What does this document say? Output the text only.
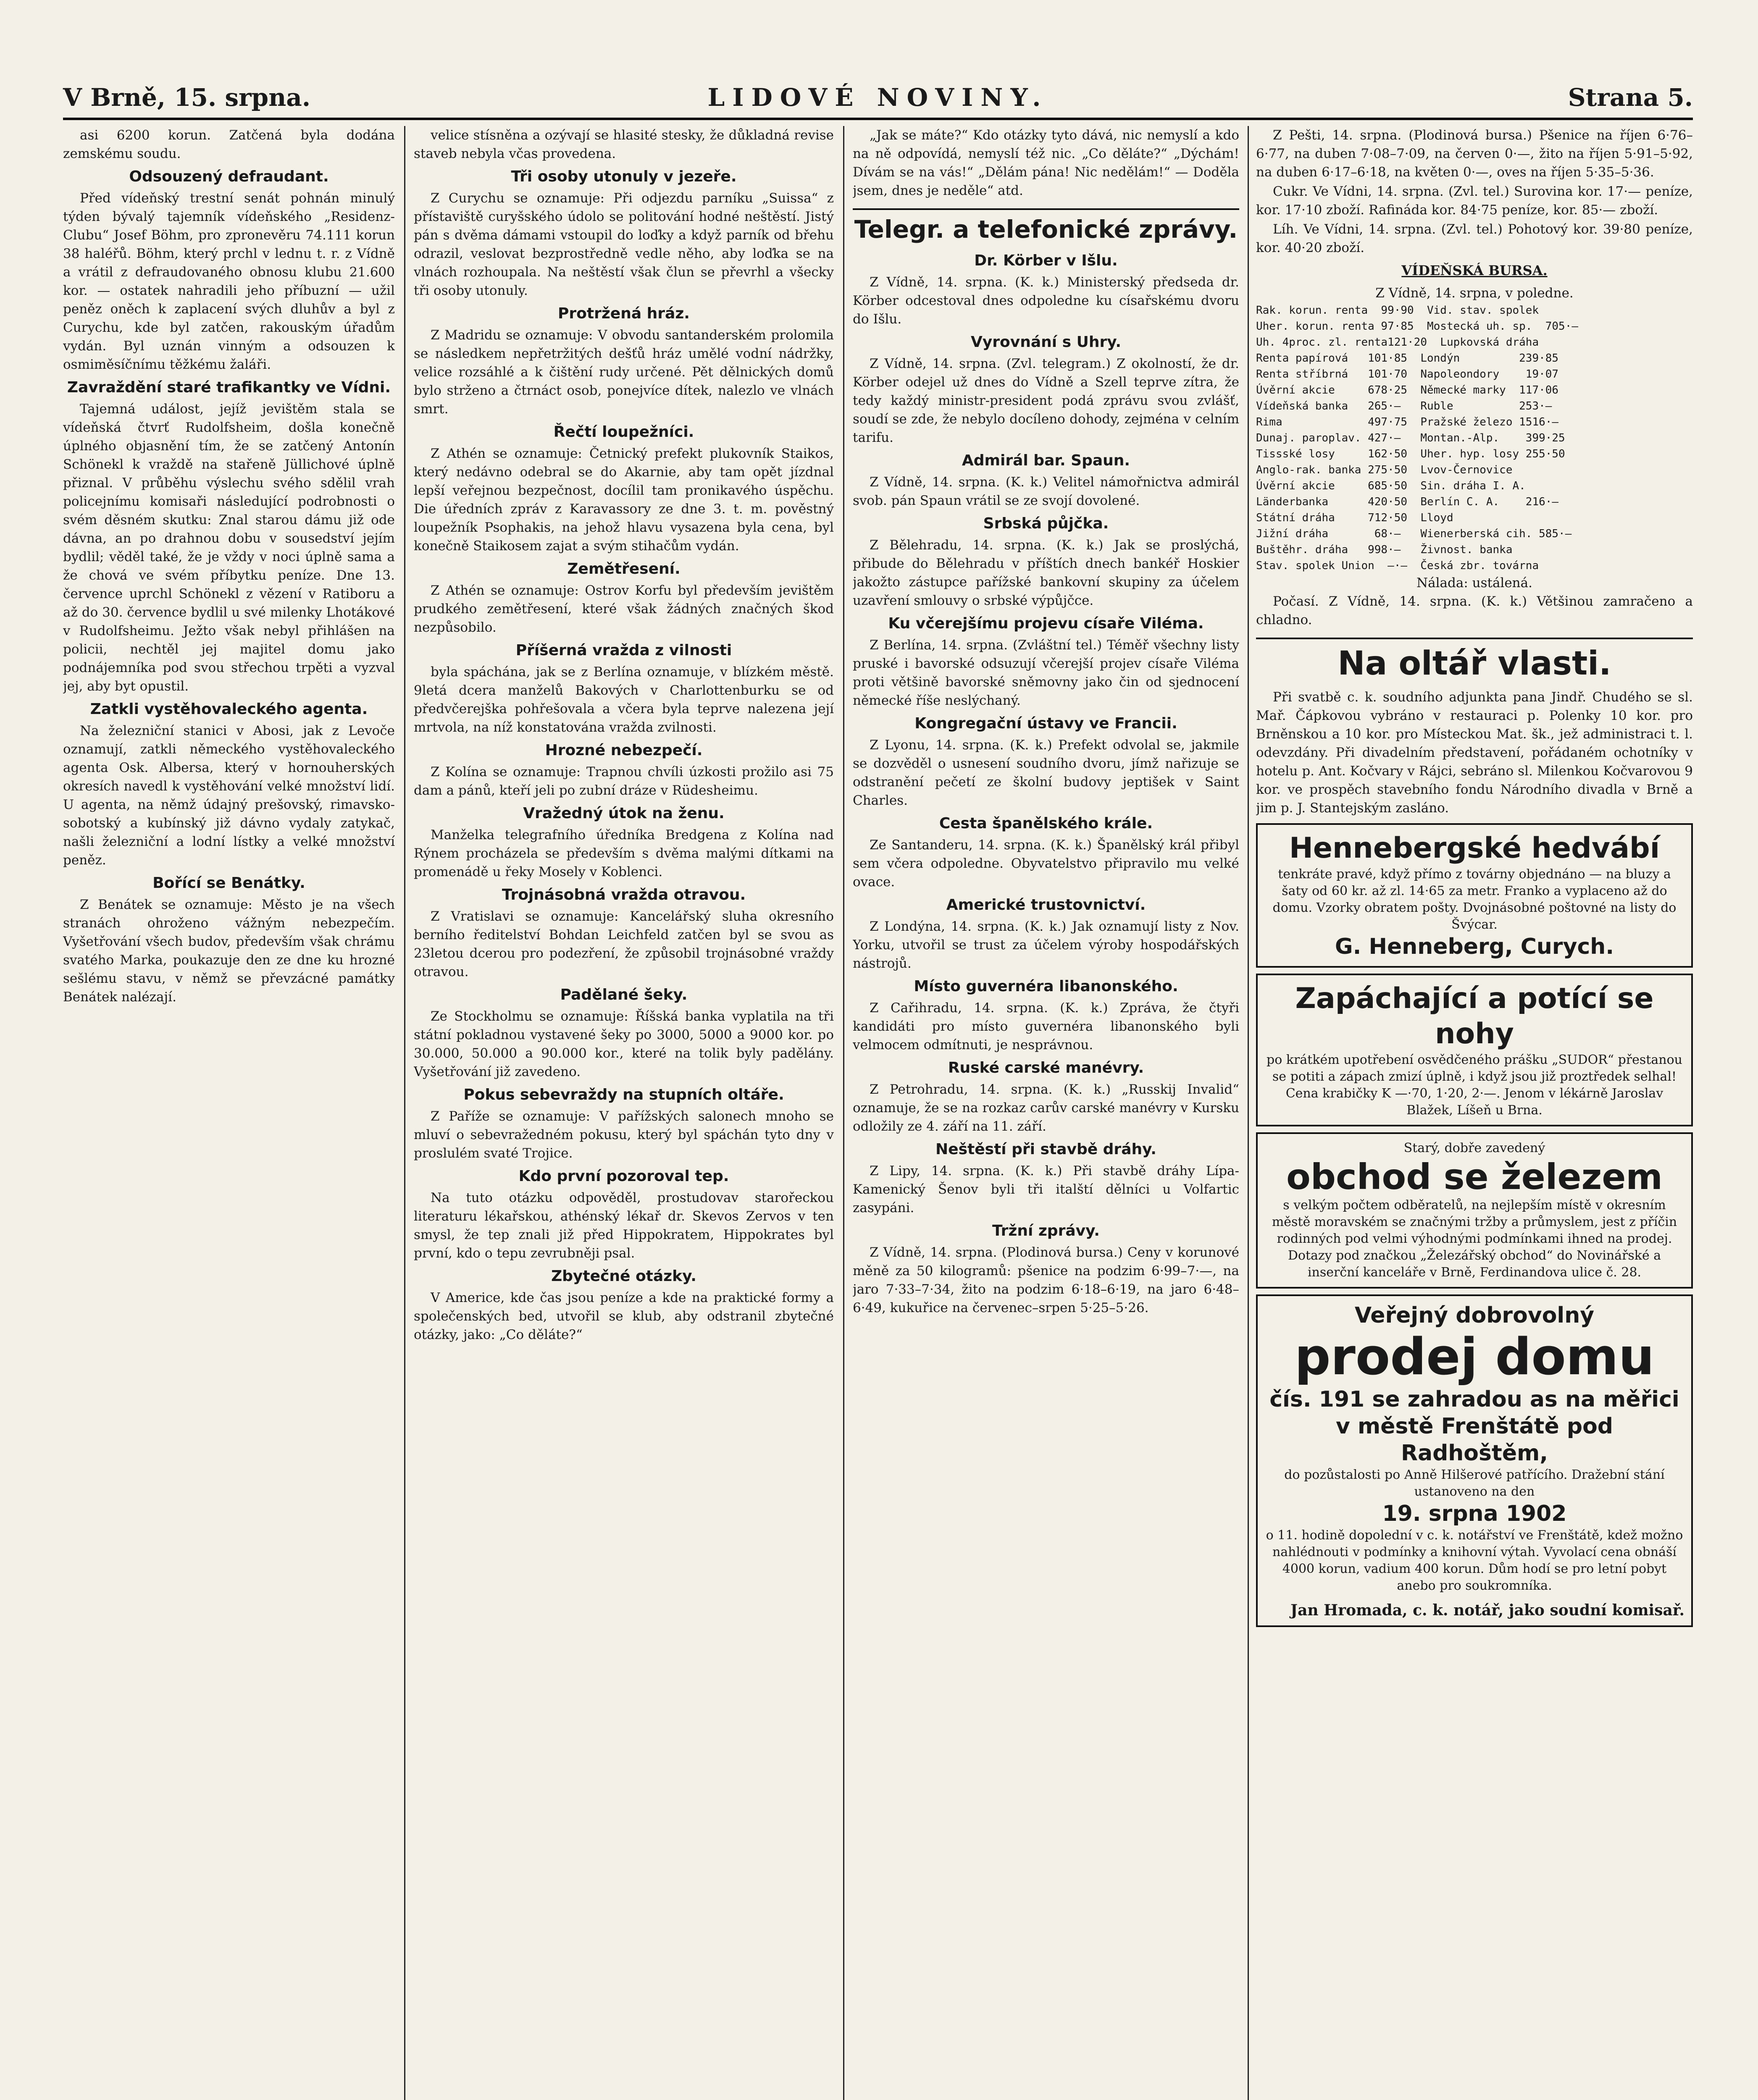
V Brně, 15. srpna.	LIDOVÉ NOVINY.	Strana 5.

asi 6200 korun. Zatčená byla dodána zemskému soudu.

Odsouzený defraudant.

Před vídeňský trestní senát pohnán minulý týden bývalý tajemník vídeňského „Residenz-Clubu“ Josef Böhm, pro zpronevěru 74.111 korun 38 haléřů. Böhm, který prchl v lednu t. r. z Vídně a vrátil z defraudovaného obnosu klubu 21.600 kor. — ostatek nahradili jeho příbuzní — užil peněz oněch k zaplacení svých dluhův a byl z Curychu, kde byl zatčen, rakouským úřadům vydán. Byl uznán vinným a odsouzen k osmiměsíčnímu těžkému žaláři.

Zavraždění staré trafikantky ve Vídni.

Tajemná událost, jejíž jevištěm stala se vídeňská čtvrť Rudolfsheim, došla konečně úplného objasnění tím, že se zatčený Antonín Schönekl k vraždě na stařeně Jüllichové úplně přiznal. V průběhu výslechu svého sdělil vrah policejnímu komisaři následující podrobnosti o svém děsném skutku: Znal starou dámu již ode dávna, an po drahnou dobu v sousedství jejím bydlil; věděl také, že je vždy v noci úplně sama a že chová ve svém příbytku peníze. Dne 13. července uprchl Schönekl z vězení v Ratiboru a až do 30. července bydlil u své milenky Lhotákové v Rudolfsheimu. Ježto však nebyl přihlášen na policii, nechtěl jej majitel domu jako podnájemníka pod svou střechou trpěti a vyzval jej, aby byt opustil.

Zatkli vystěhovaleckého agenta.

Na železniční stanici v Abosi, jak z Levoče oznamují, zatkli německého vystěhovaleckého agenta Osk. Albersa, který v hornouherských okresích navedl k vystěhování velké množství lidí. U agenta, na němž údajný prešovský, rimavsko-sobotský a kubínský již dávno vydaly zatykač, našli železniční a lodní lístky a velké množství peněz.

Bořící se Benátky.

Z Benátek se oznamuje: Město je na všech stranách ohroženo vážným nebezpečím. Vyšetřování všech budov, především však chrámu svatého Marka, poukazuje den ze dne ku hrozné sešlému stavu, v němž se převzácné památky Benátek nalézají.

velice stísněna a ozývají se hlasité stesky, že důkladná revise staveb nebyla včas provedena.

Tři osoby utonuly v jezeře.

Z Curychu se oznamuje: Při odjezdu parníku „Suissa“ z přístaviště curyšského údolo se politování hodné neštěstí. Jistý pán s dvěma dámami vstoupil do loďky a když parník od břehu odrazil, veslovat bezprostředně vedle něho, aby loďka se na vlnách rozhoupala. Na neštěstí však člun se převrhl a všecky tři osoby utonuly.

Protržená hráz.

Z Madridu se oznamuje: V obvodu santanderském prolomila se následkem nepřetržitých dešťů hráz umělé vodní nádržky, velice rozsáhlé a k čištění rudy určené. Pět dělnických domů bylo strženo a čtrnáct osob, ponejvíce dítek, nalezlo ve vlnách smrt.

Řečtí loupežníci.

Z Athén se oznamuje: Četnický prefekt plukovník Staikos, který nedávno odebral se do Akarnie, aby tam opět jízdnal lepší veřejnou bezpečnost, docílil tam pronikavého úspěchu. Die úředních zpráv z Karavassory ze dne 3. t. m. pověstný loupežník Psophakis, na jehož hlavu vysazena byla cena, byl konečně Staikosem zajat a svým stihačům vydán.

Zemětřesení.

Z Athén se oznamuje: Ostrov Korfu byl především jevištěm prudkého zemětřesení, které však žádných značných škod nezpůsobilo.

Příšerná vražda z vilnosti

byla spáchána, jak se z Berlína oznamuje, v blízkém městě. 9letá dcera manželů Bakových v Charlottenburku se od předvčerejška pohřešovala a včera byla teprve nalezena její mrtvola, na níž konstatována vražda zvilnosti.

Hrozné nebezpečí.

Z Kolína se oznamuje: Trapnou chvíli úzkosti prožilo asi 75 dam a pánů, kteří jeli po zubní dráze v Rüdesheimu.

Vražedný útok na ženu.

Manželka telegrafního úředníka Bredgena z Kolína nad Rýnem procházela se především s dvěma malými dítkami na promenádě u řeky Mosely v Koblenci.

Trojnásobná vražda otravou.

Z Vratislavi se oznamuje: Kancelářský sluha okresního berního ředitelství Bohdan Leichfeld zatčen byl se svou as 23letou dcerou pro podezření, že způsobil trojnásobné vraždy otravou.

Padělané šeky.

Ze Stockholmu se oznamuje: Říšská banka vyplatila na tři státní pokladnou vystavené šeky po 3000, 5000 a 9000 kor. po 30.000, 50.000 a 90.000 kor., které na tolik byly padělány. Vyšetřování již zavedeno.

Pokus sebevraždy na stupních oltáře.

Z Paříže se oznamuje: V pařížských salonech mnoho se mluví o sebevražedném pokusu, který byl spáchán tyto dny v proslulém svaté Trojice.

Kdo první pozoroval tep.

Na tuto otázku odpověděl, prostudovav starořeckou literaturu lékařskou, athénský lékař dr. Skevos Zervos v ten smysl, že tep znali již před Hippokratem, Hippokrates byl první, kdo o tepu zevrubněji psal.

Zbytečné otázky.

V Americe, kde čas jsou peníze a kde na praktické formy a společenských bed, utvořil se klub, aby odstranil zbytečné otázky, jako: „Co děláte?“

„Jak se máte?“ Kdo otázky tyto dává, nic nemyslí a kdo na ně odpovídá, nemyslí též nic. „Co děláte?“ „Dýchám! Dívám se na vás!“ „Dělám pána! Nic nedělám!“ — Doděla jsem, dnes je neděle“ atd.

Telegr. a telefonické zprávy.
Dr. Körber v Išlu.

Z Vídně, 14. srpna. (K. k.) Ministerský předseda dr. Körber odcestoval dnes odpoledne ku císařskému dvoru do Išlu.

Vyrovnání s Uhry.

Z Vídně, 14. srpna. (Zvl. telegram.) Z okolností, že dr. Körber odejel už dnes do Vídně a Szell teprve zítra, že tedy každý ministr-president podá zprávu svou zvlášť, soudí se zde, že nebylo docíleno dohody, zejména v celním tarifu.

Admirál bar. Spaun.

Z Vídně, 14. srpna. (K. k.) Velitel námořnictva admirál svob. pán Spaun vrátil se ze svojí dovolené.

Srbská půjčka.

Z Bělehradu, 14. srpna. (K. k.) Jak se proslýchá, přibude do Bělehradu v příštích dnech bankéř Hoskier jakožto zástupce pařížské bankovní skupiny za účelem uzavření smlouvy o srbské výpůjčce.

Ku včerejšímu projevu císaře Viléma.

Z Berlína, 14. srpna. (Zvláštní tel.) Téměř všechny listy pruské i bavorské odsuzují včerejší projev císaře Viléma proti většině bavorské sněmovny jako čin od sjednocení německé říše neslýchaný.

Kongregační ústavy ve Francii.

Z Lyonu, 14. srpna. (K. k.) Prefekt odvolal se, jakmile se dozvěděl o usnesení soudního dvoru, jímž nařizuje se odstranění pečetí ze školní budovy jeptišek v Saint Charles.

Cesta španělského krále.

Ze Santanderu, 14. srpna. (K. k.) Španělský král přibyl sem včera odpoledne. Obyvatelstvo připravilo mu velké ovace.

Americké trustovnictví.

Z Londýna, 14. srpna. (K. k.) Jak oznamují listy z Nov. Yorku, utvořil se trust za účelem výroby hospodářských nástrojů.

Místo guvernéra libanonského.

Z Cařihradu, 14. srpna. (K. k.) Zpráva, že čtyři kandidáti pro místo guvernéra libanonského byli velmocem odmítnuti, je nesprávnou.

Ruské carské manévry.

Z Petrohradu, 14. srpna. (K. k.) „Russkij Invalid“ oznamuje, že se na rozkaz carův carské manévry v Kursku odložily ze 4. září na 11. září.

Neštěstí při stavbě dráhy.

Z Lipy, 14. srpna. (K. k.) Při stavbě dráhy Lípa-Kamenický Šenov byli tři italští dělníci u Volfartic zasypáni.

Tržní zprávy.

Z Vídně, 14. srpna. (Plodinová bursa.) Ceny v korunové měně za 50 kilogramů: pšenice na podzim 6·99–7·—, na jaro 7·33–7·34, žito na podzim 6·18–6·19, na jaro 6·48–6·49, kukuřice na červenec–srpen 5·25–5·26.

Z Pešti, 14. srpna. (Plodinová bursa.) Pšenice na říjen 6·76–6·77, na duben 7·08–7·09, na červen 0·—, žito na říjen 5·91–5·92, na duben 6·17–6·18, na květen 0·—, oves na říjen 5·35–5·36.

Cukr. Ve Vídni, 14. srpna. (Zvl. tel.) Surovina kor. 17·— peníze, kor. 17·10 zboží. Rafináda kor. 84·75 peníze, kor. 85·— zboží.

Líh. Ve Vídni, 14. srpna. (Zvl. tel.) Pohotový kor. 39·80 peníze, kor. 40·20 zboží.

VÍDEŇSKÁ BURSA.
Z Vídně, 14. srpna, v poledne.
Rak. korun. renta  99·90  Vid. stav. spolek
Uher. korun. renta 97·85  Mostecká uh. sp.  705·—
Uh. 4proc. zl. renta121·20  Lupkovská dráha
Renta papírová   101·85  Londýn         239·85
Renta stříbrná   101·70  Napoleondory    19·07
Úvěrní akcie     678·25  Německé marky  117·06
Vídeňská banka   265·—   Ruble          253·—
Rima             497·75  Pražské železo 1516·—
Dunaj. paroplav. 427·—   Montan.-Alp.    399·25
Tissské losy     162·50  Uher. hyp. losy 255·50
Anglo-rak. banka 275·50  Lvov-Černovice
Úvěrní akcie     685·50  Sin. dráha I. A.
Länderbanka      420·50  Berlín C. A.    216·—
Státní dráha     712·50  Lloyd
Jižní dráha       68·—   Wienerberská cih. 585·—
Buštěhr. dráha   998·—   Živnost. banka
Stav. spolek Union  —·—  Česká zbr. továrna
Nálada: ustálená.

Počasí. Z Vídně, 14. srpna. (K. k.) Většinou zamračeno a chladno.

Na oltář vlasti.

Při svatbě c. k. soudního adjunkta pana Jindř. Chudého se sl. Mař. Čápkovou vybráno v restauraci p. Polenky 10 kor. pro Brněnskou a 10 kor. pro Místeckou Mat. šk., jež administraci t. l. odevzdány. Při divadelním představení, pořádaném ochotníky v hotelu p. Ant. Kočvary v Rájci, sebráno sl. Milenkou Kočvarovou 9 kor. ve prospěch stavebního fondu Národního divadla v Brně a jim p. J. Stantejským zasláno.

Hennebergské hedvábí
tenkráte pravé, když přímo z továrny objednáno — na bluzy a šaty od 60 kr. až zl. 14·65 za metr. Franko a vyplaceno až do domu. Vzorky obratem pošty. Dvojnásobné poštovné na listy do Švýcar.
G. Henneberg, Curych.
Zapáchající a potící se nohy
po krátkém upotřebení osvědčeného prášku „SUDOR“ přestanou se potiti a zápach zmizí úplně, i když jsou již proztředek selhal! Cena krabičky K —·70, 1·20, 2·—. Jenom v lékárně Jaroslav Blažek, Líšeň u Brna.
Starý, dobře zavedený
obchod se železem
s velkým počtem odběratelů, na nejlepším místě v okresním městě moravském se značnými tržby a průmyslem, jest z příčin rodinných pod velmi výhodnými podmínkami ihned na prodej.
Dotazy pod značkou „Železářský obchod“ do Novinářské a inserční kanceláře v Brně, Ferdinandova ulice č. 28.
Veřejný dobrovolný
prodej domu
čís. 191 se zahradou as na měřici v městě Frenštátě pod Radhoštěm,
do pozůstalosti po Anně Hilšerové patřícího. Dražební stání ustanoveno na den
19. srpna 1902
o 11. hodině dopolední v c. k. notářství ve Frenštátě, kdež možno nahlédnouti v podmínky a knihovní výtah. Vyvolací cena obnáší 4000 korun, vadium 400 korun. Dům hodí se pro letní pobyt anebo pro soukromníka.
Jan Hromada, c. k. notář, jako soudní komisař.
